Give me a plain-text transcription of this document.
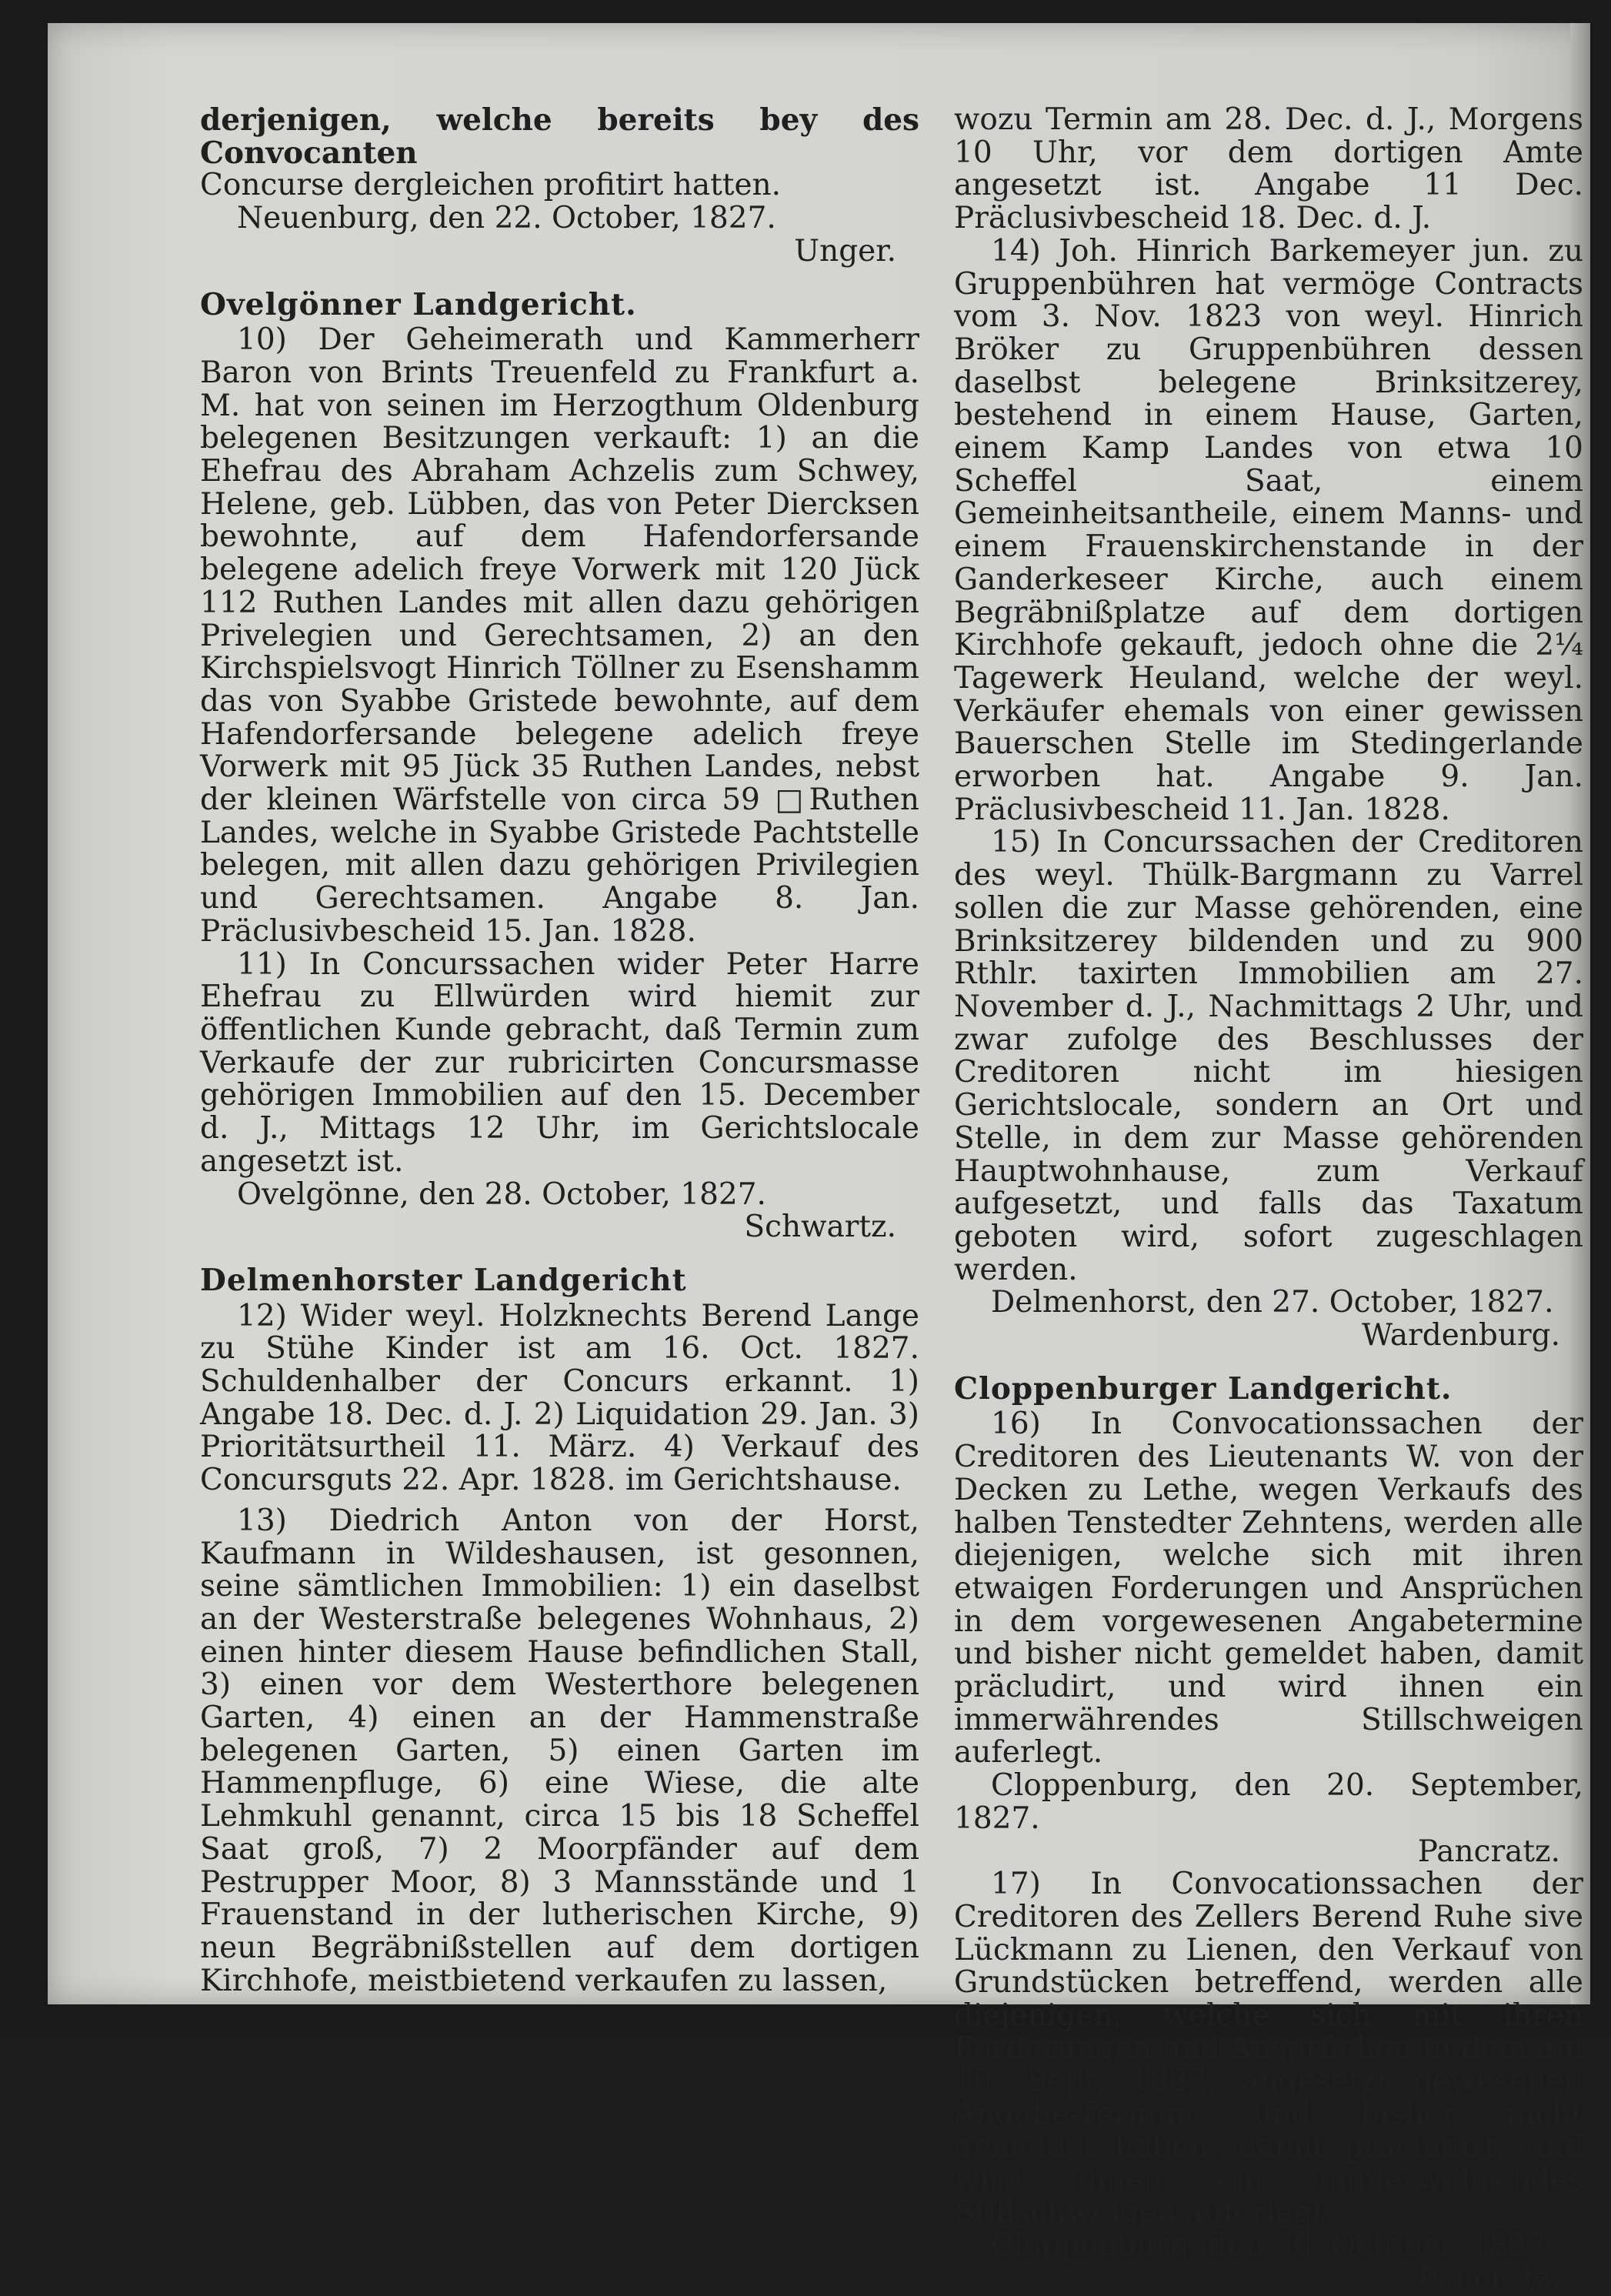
derjenigen, welche bereits bey des Convocanten

Concurse dergleichen profitirt hatten.

Neuenburg, den 22. October, 1827.

Unger.

Ovelgönner Landgericht.

10) Der Geheimerath und Kammerherr Baron von Brints Treuenfeld zu Frankfurt a. M. hat von seinen im Herzogthum Oldenburg belegenen Besitzungen verkauft: 1) an die Ehefrau des Abraham Achzelis zum Schwey, Helene, geb. Lübben, das von Peter Diercksen bewohnte, auf dem Hafendorfersande belegene adelich freye Vorwerk mit 120 Jück 112 Ruthen Landes mit allen dazu gehörigen Privelegien und Gerechtsamen, 2) an den Kirchspielsvogt Hinrich Töllner zu Esenshamm das von Syabbe Gristede bewohnte, auf dem Hafendorfersande belegene adelich freye Vorwerk mit 95 Jück 35 Ruthen Landes, nebst der kleinen Wärfstelle von circa 59 □Ruthen Landes, welche in Syabbe Gristede Pachtstelle belegen, mit allen dazu gehörigen Privilegien und Gerechtsamen. Angabe 8. Jan. Präclusivbescheid 15. Jan. 1828.

11) In Concurssachen wider Peter Harre Ehefrau zu Ellwürden wird hiemit zur öffentlichen Kunde gebracht, daß Termin zum Verkaufe der zur rubricirten Concursmasse gehörigen Immobilien auf den 15. December d. J., Mittags 12 Uhr, im Gerichtslocale angesetzt ist.

Ovelgönne, den 28. October, 1827.

Schwartz.

Delmenhorster Landgericht

12) Wider weyl. Holzknechts Berend Lange zu Stühe Kinder ist am 16. Oct. 1827. Schuldenhalber der Concurs erkannt. 1) Angabe 18. Dec. d. J. 2) Liquidation 29. Jan. 3) Prioritätsurtheil 11. März. 4) Verkauf des Concursguts 22. Apr. 1828. im Gerichtshause.

13) Diedrich Anton von der Horst, Kaufmann in Wildeshausen, ist gesonnen, seine sämtlichen Immobilien: 1) ein daselbst an der Westerstraße belegenes Wohnhaus, 2) einen hinter diesem Hause befindlichen Stall, 3) einen vor dem Westerthore belegenen Garten, 4) einen an der Hammenstraße belegenen Garten, 5) einen Garten im Hammenpfluge, 6) eine Wiese, die alte Lehmkuhl genannt, circa 15 bis 18 Scheffel Saat groß, 7) 2 Moorpfänder auf dem Pestrupper Moor, 8) 3 Mannsstände und 1 Frauenstand in der lutherischen Kirche, 9) neun Begräbnißstellen auf dem dortigen Kirchhofe, meistbietend verkaufen zu lassen,

wozu Termin am 28. Dec. d. J., Morgens 10 Uhr, vor dem dortigen Amte angesetzt ist. Angabe 11 Dec. Präclusivbescheid 18. Dec. d. J.

14) Joh. Hinrich Barkemeyer jun. zu Gruppenbühren hat vermöge Contracts vom 3. Nov. 1823 von weyl. Hinrich Bröker zu Gruppenbühren dessen daselbst belegene Brinksitzerey, bestehend in einem Hause, Garten, einem Kamp Landes von etwa 10 Scheffel Saat, einem Gemeinheitsantheile, einem Manns- und einem Frauenskirchenstande in der Ganderkeseer Kirche, auch einem Begräbnißplatze auf dem dortigen Kirchhofe gekauft, jedoch ohne die 2¼ Tagewerk Heuland, welche der weyl. Verkäufer ehemals von einer gewissen Bauerschen Stelle im Stedingerlande erworben hat. Angabe 9. Jan. Präclusivbescheid 11. Jan. 1828.

15) In Concurssachen der Creditoren des weyl. Thülk-Bargmann zu Varrel sollen die zur Masse gehörenden, eine Brinksitzerey bildenden und zu 900 Rthlr. taxirten Immobilien am 27. November d. J., Nachmittags 2 Uhr, und zwar zufolge des Beschlusses der Creditoren nicht im hiesigen Gerichtslocale, sondern an Ort und Stelle, in dem zur Masse gehörenden Hauptwohnhause, zum Verkauf aufgesetzt, und falls das Taxatum geboten wird, sofort zugeschlagen werden.

Delmenhorst, den 27. October, 1827.

Wardenburg.

Cloppenburger Landgericht.

16) In Convocationssachen der Creditoren des Lieutenants W. von der Decken zu Lethe, wegen Verkaufs des halben Tenstedter Zehntens, werden alle diejenigen, welche sich mit ihren etwaigen Forderungen und Ansprüchen in dem vorgewesenen Angabetermine und bisher nicht gemeldet haben, damit präcludirt, und wird ihnen ein immerwährendes Stillschweigen auferlegt.

Cloppenburg, den 20. September, 1827.

Pancratz.

17) In Convocationssachen der Creditoren des Zellers Berend Ruhe sive Lückmann zu Lienen, den Verkauf von Grundstücken betreffend, werden alle diejenigen, welche sich mit ihren Forderungen und Ansprüchen in dem am 10. Sept. 1827. angesetzt gewesenen Angabe-Termine und bisher nicht gemeldet haben, damit präcludirt, und wird ihnen ein immerwährendes Stillschweigen auferlegt.

Cloppenburg, den 30. October, 1827.

Pancratz.
